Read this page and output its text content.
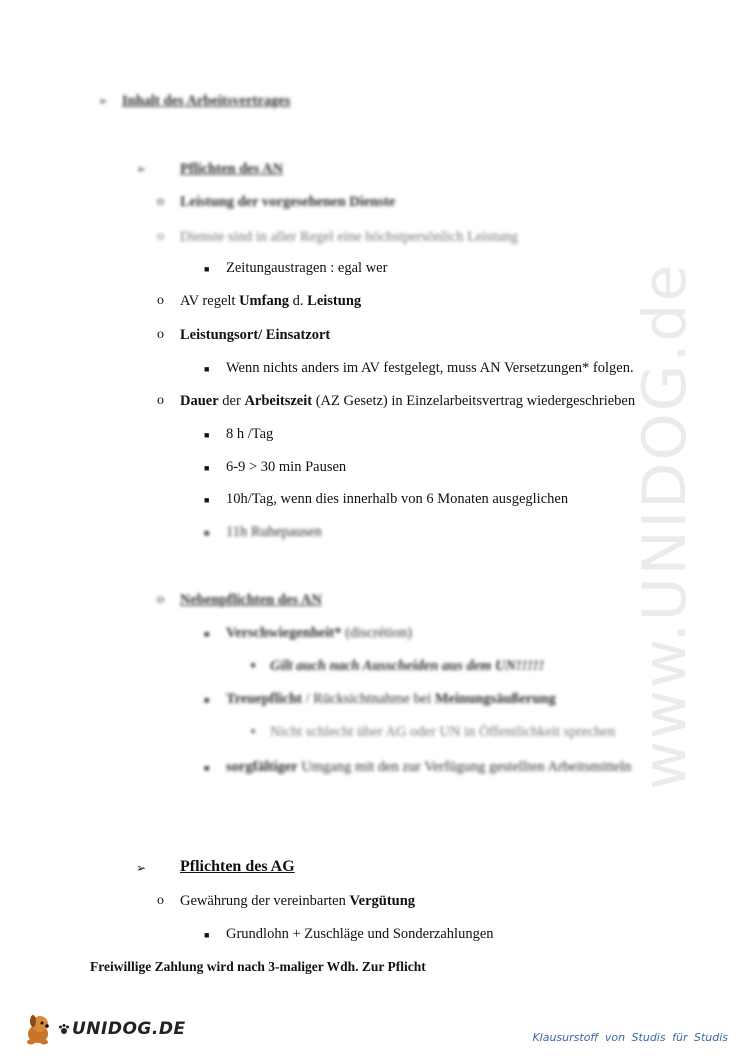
www.UNIDOG.de
➢ Inhalt des Arbeitsvertrages
➢ Pflichten des AN
o Leistung der vorgesehenen Dienste
o Dienste sind in aller Regel eine höchstpersönlich Leistung
■ Zeitungaustragen : egal wer
o AV regelt Umfang d. Leistung
o Leistungsort/ Einsatzort
■ Wenn nichts anders im AV festgelegt, muss AN Versetzungen* folgen.
o Dauer der Arbeitszeit (AZ Gesetz) in Einzelarbeitsvertrag wiedergeschrieben
■ 8 h /Tag
■ 6-9 > 30 min Pausen
■ 10h/Tag, wenn dies innerhalb von 6 Monaten ausgeglichen
■ 11h Ruhepausen
o Nebenpflichten des AN
■ Verschwiegenheit* (discrétion)
● Gilt auch nach Ausscheiden aus dem UN!!!!!
■ Treuepflicht / Rücksichtnahme bei Meinungsäußerung
● Nicht schlecht über AG oder UN in Öffentlichkeit sprechen
■ sorgfältiger Umgang mit den zur Verfügung gestellten Arbeitsmitteln
➢ Pflichten des AG
o Gewährung der vereinbarten Vergütung
■ Grundlohn + Zuschläge und Sonderzahlungen
Freiwillige Zahlung wird nach 3-maliger Wdh. Zur Pflicht
UNIDOG.DE	Klausurstoff von Studis für Studis
